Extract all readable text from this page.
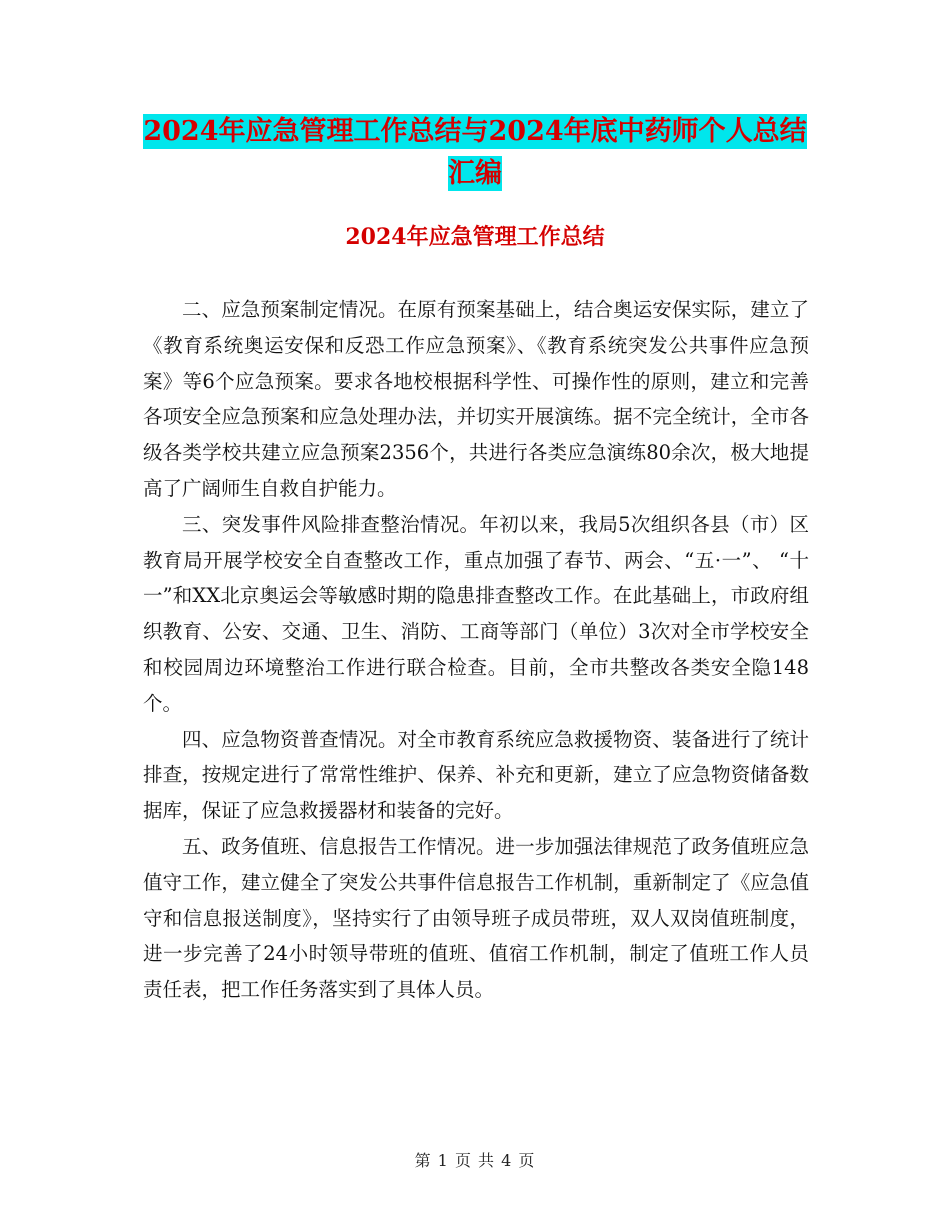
2024年应急管理工作总结与2024年底中药师个人总结
汇编
2024年应急管理工作总结

二、应急预案制定情况。在原有预案基础上，结合奥运安保实际，建立了《教育系统奥运安保和反恐工作应急预案》、《教育系统突发公共事件应急预案》等6个应急预案。要求各地校根据科学性、可操作性的原则，建立和完善各项安全应急预案和应急处理办法，并切实开展演练。据不完全统计，全市各级各类学校共建立应急预案2356个，共进行各类应急演练80余次，极大地提高了广阔师生自救自护能力。

三、突发事件风险排查整治情况。年初以来，我局5次组织各县（市）区教育局开展学校安全自查整改工作，重点加强了春节、两会、“五·一”、 “十一”和XX北京奥运会等敏感时期的隐患排查整改工作。在此基础上，市政府组织教育、公安、交通、卫生、消防、工商等部门（单位）3次对全市学校安全和校园周边环境整治工作进行联合检查。目前，全市共整改各类安全隐148个。

四、应急物资普查情况。对全市教育系统应急救援物资、装备进行了统计排查，按规定进行了常常性维护、保养、补充和更新，建立了应急物资储备数据库，保证了应急救援器材和装备的完好。

五、政务值班、信息报告工作情况。进一步加强法律规范了政务值班应急值守工作，建立健全了突发公共事件信息报告工作机制，重新制定了《应急值守和信息报送制度》，坚持实行了由领导班子成员带班，双人双岗值班制度，进一步完善了24小时领导带班的值班、值宿工作机制，制定了值班工作人员责任表，把工作任务落实到了具体人员。

第 1 页 共 4 页
